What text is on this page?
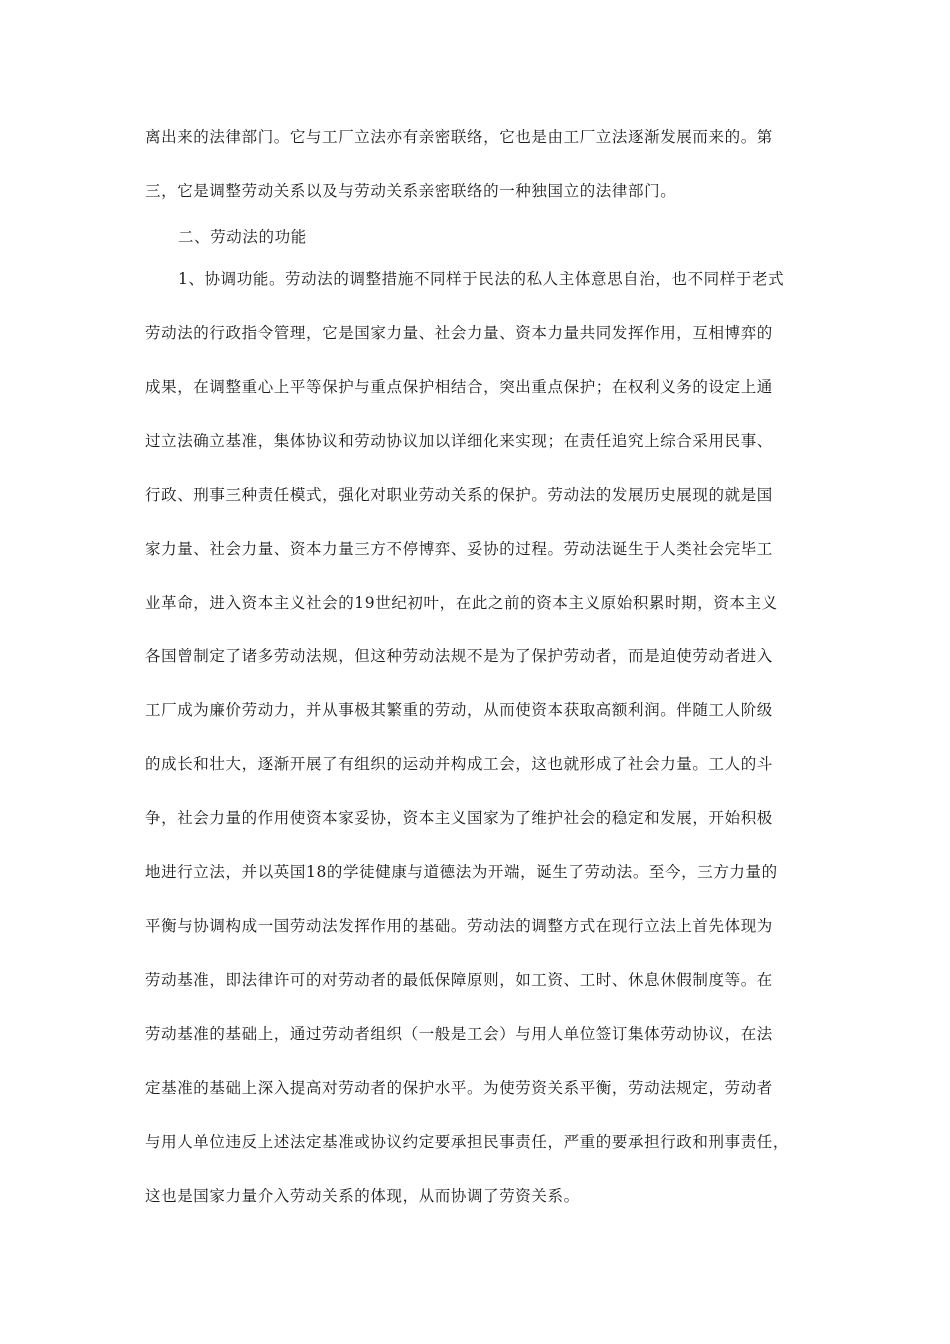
离出来的法律部门。它与工厂立法亦有亲密联络，它也是由工厂立法逐渐发展而来的。第
三，它是调整劳动关系以及与劳动关系亲密联络的一种独国立的法律部门。
二、劳动法的功能
1、协调功能。劳动法的调整措施不同样于民法的私人主体意思自治，也不同样于老式
劳动法的行政指令管理，它是国家力量、社会力量、资本力量共同发挥作用，互相博弈的
成果，在调整重心上平等保护与重点保护相结合，突出重点保护；在权利义务的设定上通
过立法确立基准，集体协议和劳动协议加以详细化来实现；在责任追究上综合采用民事、
行政、刑事三种责任模式，强化对职业劳动关系的保护。劳动法的发展历史展现的就是国
家力量、社会力量、资本力量三方不停博弈、妥协的过程。劳动法诞生于人类社会完毕工
业革命，进入资本主义社会的19世纪初叶，在此之前的资本主义原始积累时期，资本主义
各国曾制定了诸多劳动法规，但这种劳动法规不是为了保护劳动者，而是迫使劳动者进入
工厂成为廉价劳动力，并从事极其繁重的劳动，从而使资本获取高额利润。伴随工人阶级
的成长和壮大，逐渐开展了有组织的运动并构成工会，这也就形成了社会力量。工人的斗
争，社会力量的作用使资本家妥协，资本主义国家为了维护社会的稳定和发展，开始积极
地进行立法，并以英国18的学徒健康与道德法为开端，诞生了劳动法。至今，三方力量的
平衡与协调构成一国劳动法发挥作用的基础。劳动法的调整方式在现行立法上首先体现为
劳动基准，即法律许可的对劳动者的最低保障原则，如工资、工时、休息休假制度等。在
劳动基准的基础上，通过劳动者组织（一般是工会）与用人单位签订集体劳动协议，在法
定基准的基础上深入提高对劳动者的保护水平。为使劳资关系平衡，劳动法规定，劳动者
与用人单位违反上述法定基准或协议约定要承担民事责任，严重的要承担行政和刑事责任，
这也是国家力量介入劳动关系的体现，从而协调了劳资关系。
